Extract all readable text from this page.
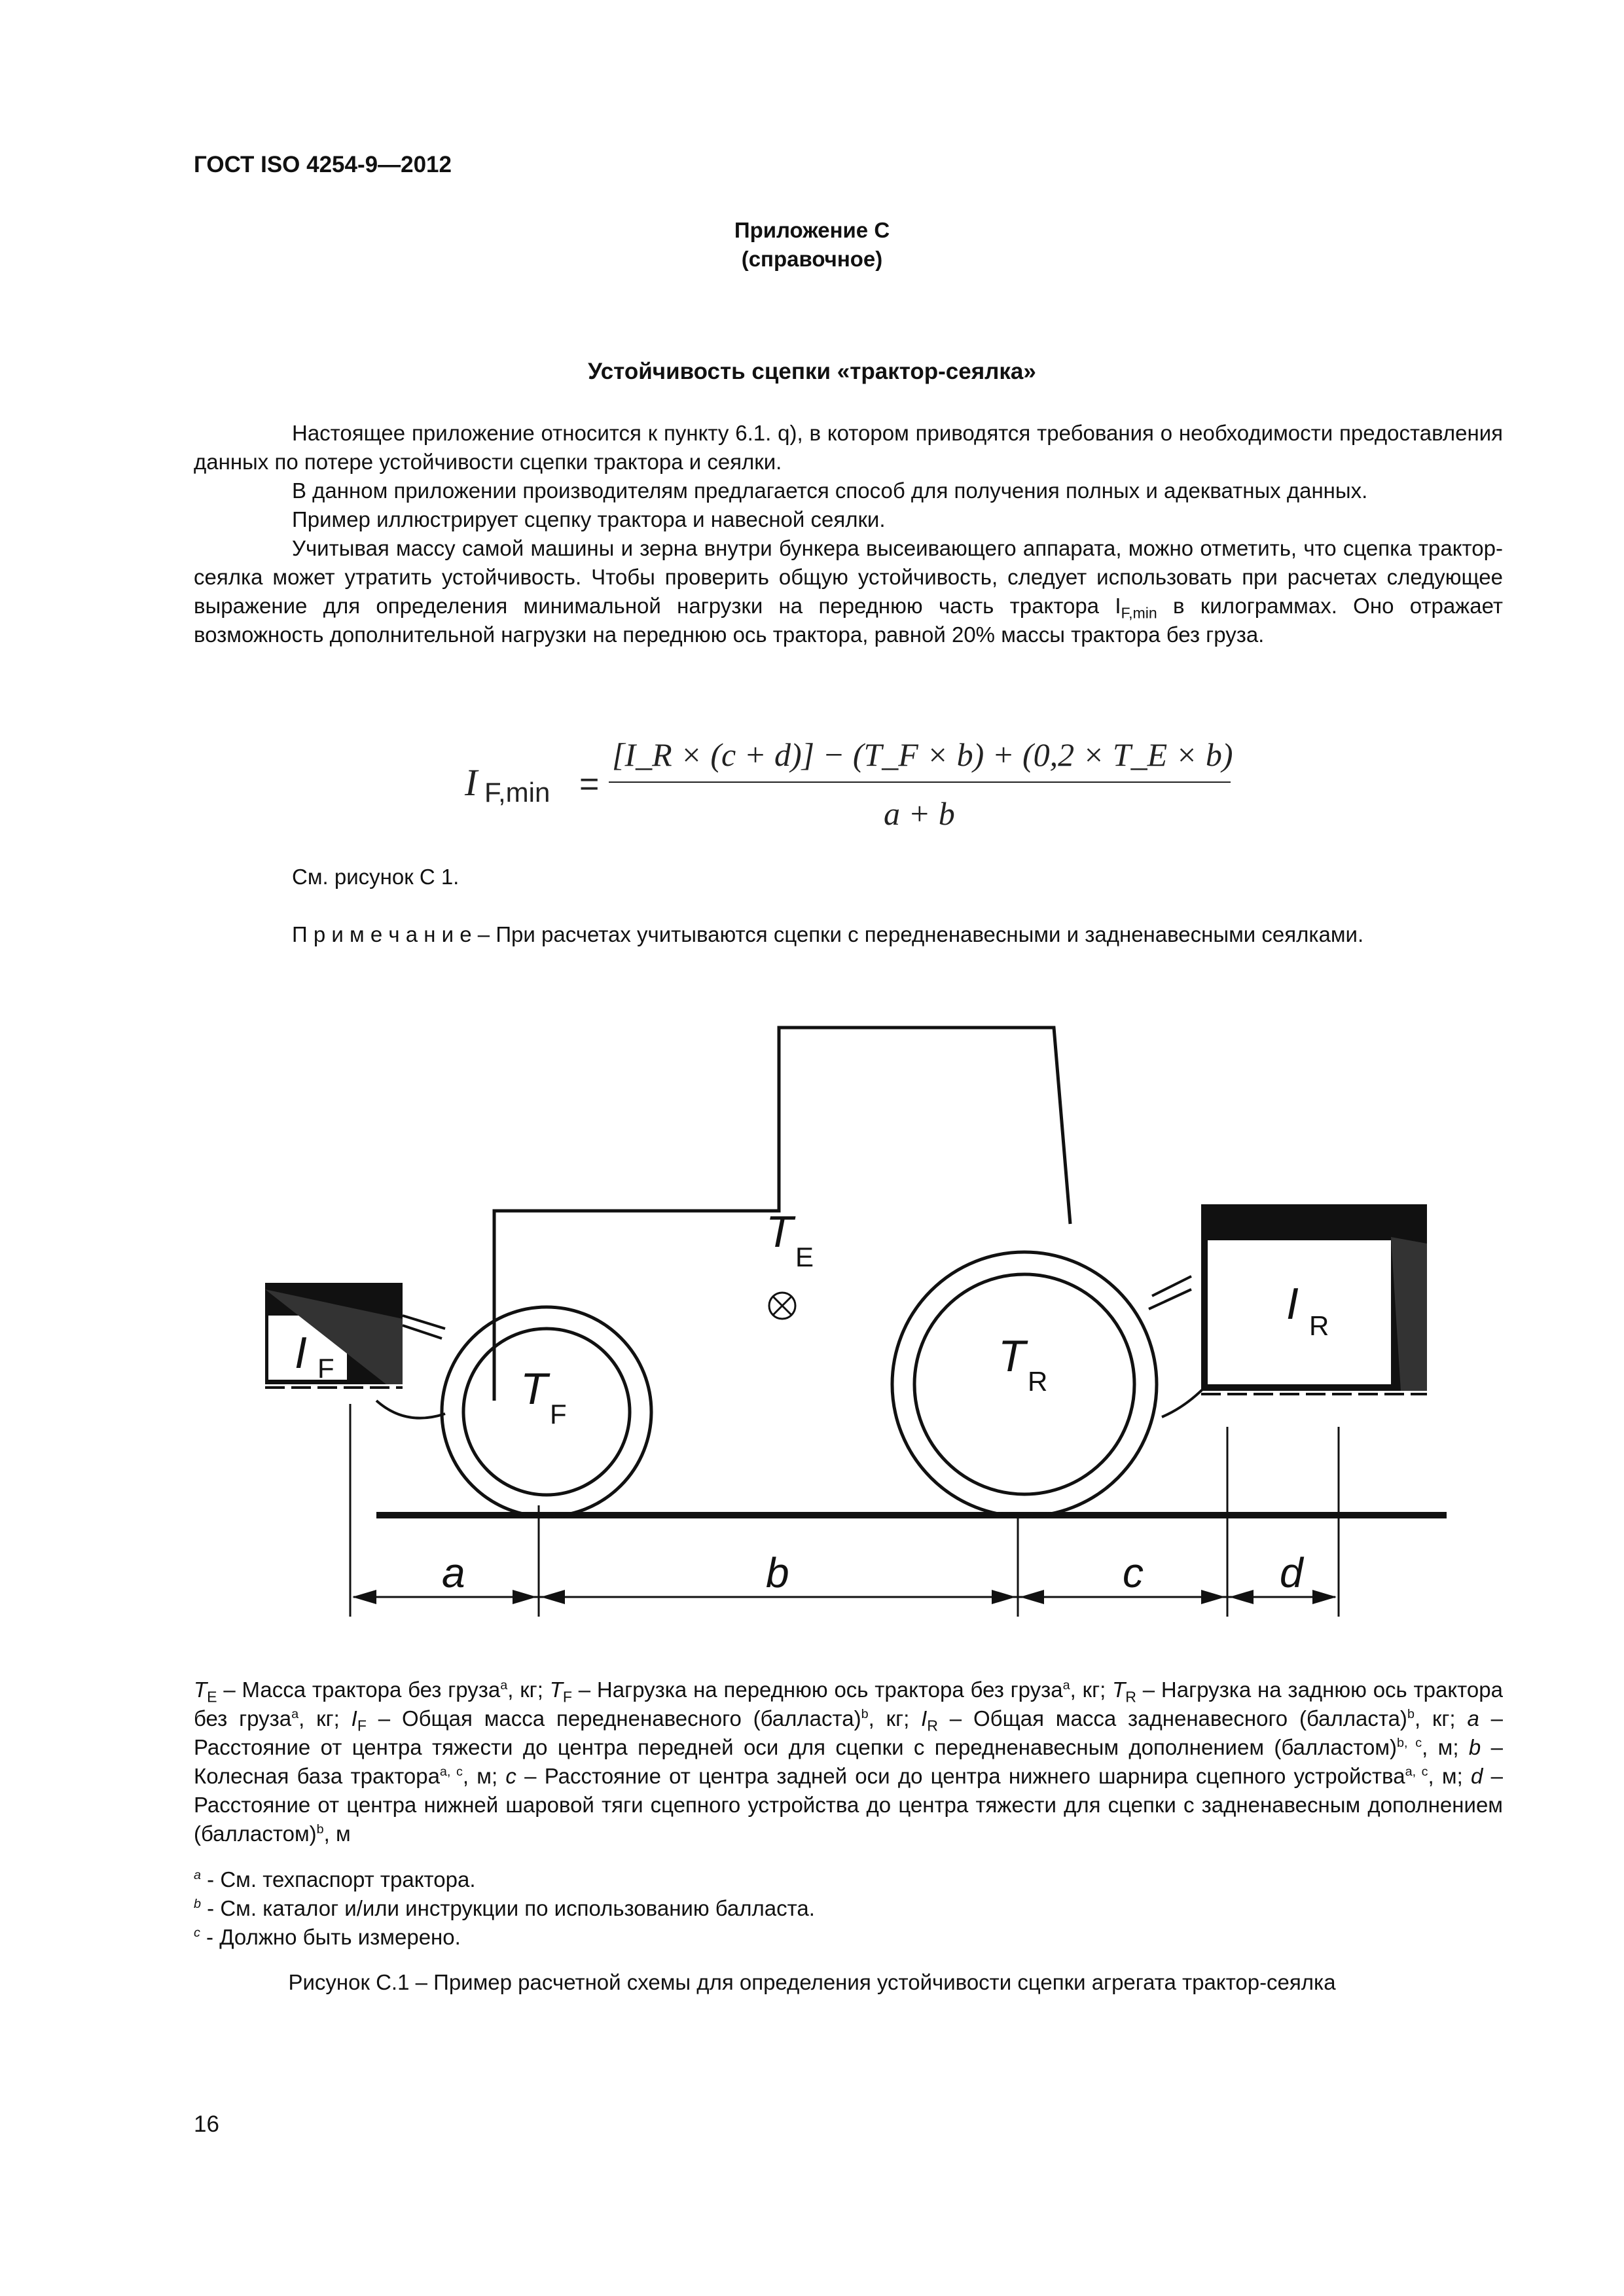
ГОСТ ISO 4254-9—2012
Приложение С
(справочное)
Устойчивость сцепки «трактор-сеялка»

Настоящее приложение относится к пункту 6.1. q), в котором приводятся требования о необходимости предоставления данных по потере устойчивости сцепки трактора и сеялки.

В данном приложении производителям предлагается способ для получения полных и адекватных данных.

Пример иллюстрирует сцепку трактора и навесной сеялки.

Учитывая массу самой машины и зерна внутри бункера высеивающего аппарата, можно отметить, что сцепка трактор-сеялка может утратить устойчивость. Чтобы проверить общую устойчивость, следует использовать при расчетах следующее выражение для определения минимальной нагрузки на переднюю часть трактора $I_{F,min}$ в килограммах. Оно отражает возможность дополнительной нагрузки на переднюю ось трактора, равной 20% массы трактора без груза.

I F,min =
[I_R × (c + d)] − (T_F × b) + (0,2 × T_E × b)
a + b

См. рисунок С 1.

П р и м е ч а н и е – При расчетах учитываются сцепки с передненавесными и задненавесными сеялками.

T
E
T
F
T
R
I F
I R
a	b	c	d
$T_E$ – Масса трактора без груза$^a$, кг; $T_F$ – Нагрузка на переднюю ось трактора без груза$^a$, кг; $T_R$ – Нагрузка на заднюю ось трактора без груза$^a$, кг; $I_F$ – Общая масса передненавесного (балласта)$^b$, кг; $I_R$ – Общая масса задненавесного (балласта)$^b$, кг; a – Расстояние от центра тяжести до центра передней оси для сцепки с передненавесным дополнением (балластом)$^{b, c}$, м; b – Колесная база трактора$^{a, c}$, м; c – Расстояние от центра задней оси до центра нижнего шарнира сцепного устройства$^{a, c}$, м; d – Расстояние от центра нижней шаровой тяги сцепного устройства до центра тяжести для сцепки с задненавесным дополнением (балластом)$^b$, м
$^a$ - См. техпаспорт трактора.
$^b$ - См. каталог и/или инструкции по использованию балласта.
$^c$ - Должно быть измерено.
Рисунок С.1 – Пример расчетной схемы для определения устойчивости сцепки агрегата трактор-сеялка
16
